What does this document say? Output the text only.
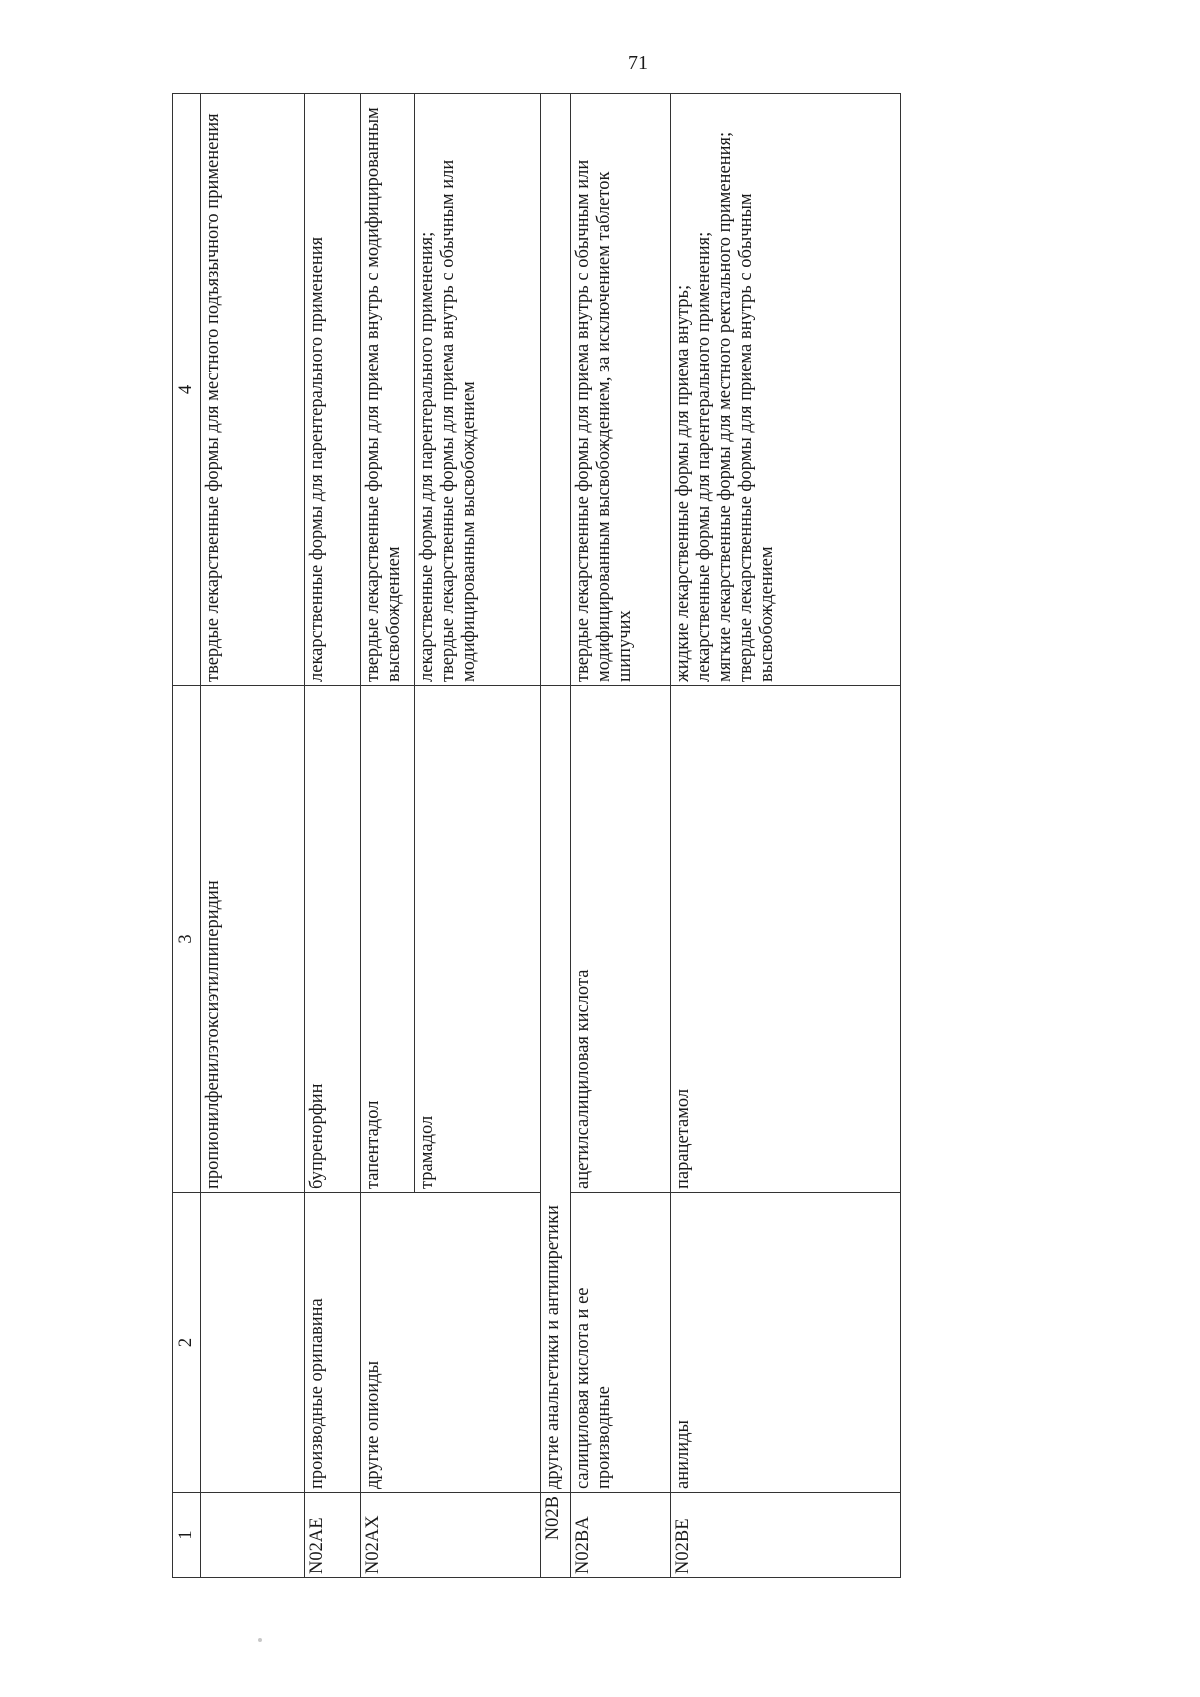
71
1	2	3	4
		пропионилфенилэтоксиэтилпиперидин	твердые лекарственные формы для местного подъязычного применения

N02AE	производные орипавина	бупренорфин	лекарственные формы для парентерального применения

N02AX	другие опиоиды	тапентадол	твердые лекарственные формы для приема внутрь с модифицированным высвобождением

		трамадол	лекарственные формы для парентерального применения; твердые лекарственные формы для приема внутрь с обычным или модифицированным высвобождением

N02B	другие анальгетики и антипиретики		
N02BA	салициловая кислота и ее производные	ацетилсалициловая кислота	твердые лекарственные формы для приема внутрь с обычным или модифицированным высвобождением, за исключением таблеток шипучих

N02BE	анилиды	парацетамол	жидкие лекарственные формы для приема внутрь; лекарственные формы для парентерального применения; мягкие лекарственные формы для местного ректального применения; твердые лекарственные формы для приема внутрь с обычным высвобождением
